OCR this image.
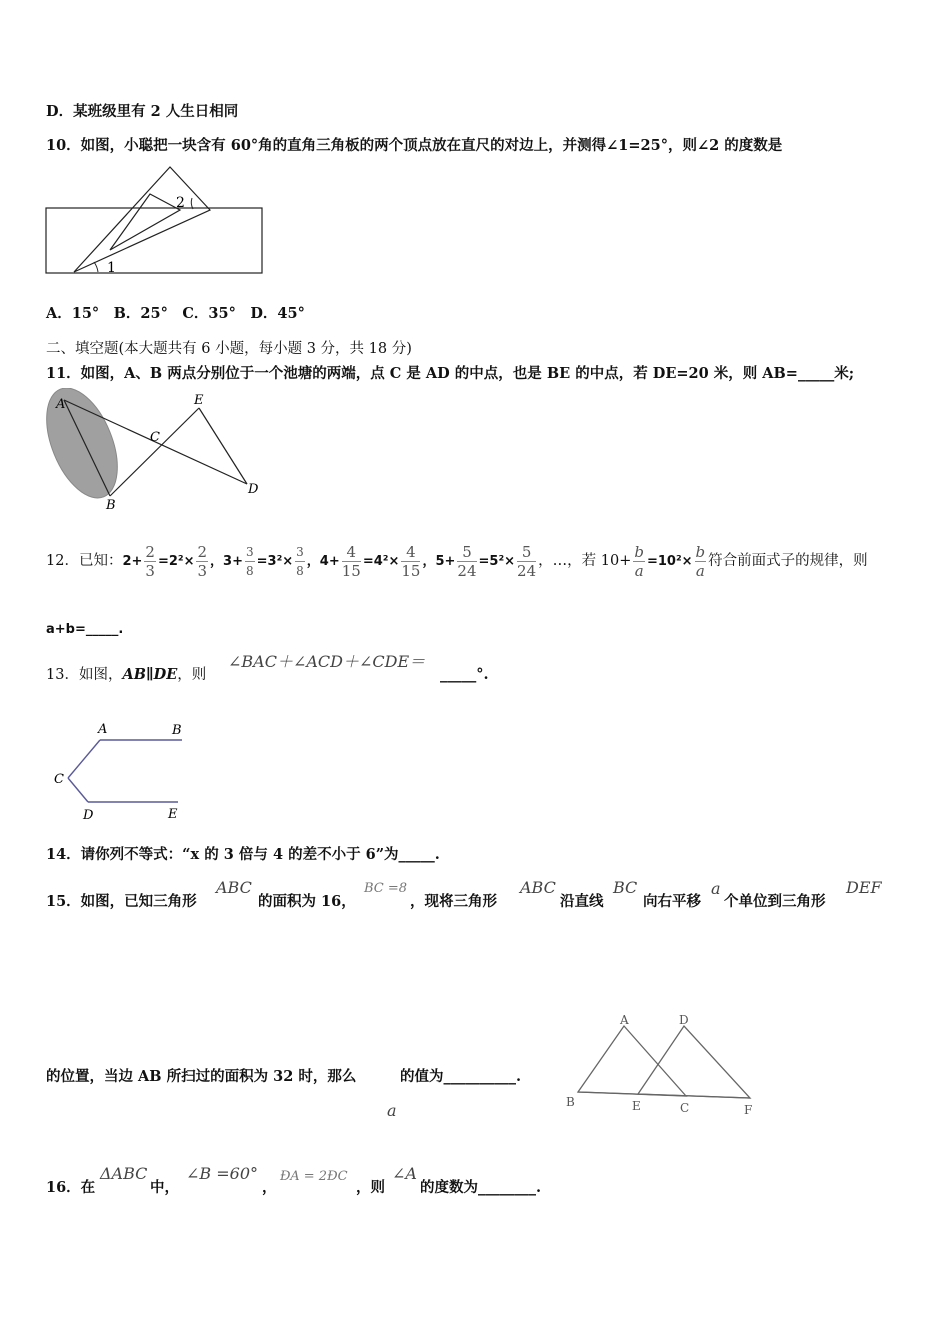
D．某班级里有 2 人生日相同
10．如图，小聪把一块含有 60°角的直角三角板的两个顶点放在直尺的对边上，并测得∠1=25°，则∠2 的度数是
1
2
A．15°　B．25°　C．35°　D．45°
二、填空题(本大题共有 6 小题，每小题 3 分，共 18 分)
11．如图，A、B 两点分别位于一个池塘的两端，点 C 是 AD 的中点，也是 BE 的中点，若 DE=20 米，则 AB=_____米;
A
B
C
D
E
12．已知：$2+ \frac{2}{3} =2^2\times \frac{2}{3}$ ，$3+ \frac{3}{8} =3^2\times \frac{3}{8}$ ，$4+ \frac{4}{15} =4^2\times \frac{4}{15}$ ，$5+ \frac{5}{24} =5^2\times \frac{5}{24}$ ，…，若 $10+ \frac{b}{a} =10^2\times \frac{b}{a}$ 符合前面式子的规律，则
a+b=_____.
13．如图，AB∥DE，则
∠BAC＋∠ACD＋∠CDE＝
_____°.
A	B
C
D	E
14．请你列不等式：“x 的 3 倍与 4 的差不小于 6”为_____.
15．如图，已知三角形
ABC
的面积为 16，
BC =8
，现将三角形
ABC
沿直线
BC
向右平移
a
个单位到三角形
DEF
的位置，当边 AB 所扫过的面积为 32 时，那么	的值为__________.
a
A
B	C
D
E	F
16．在
ΔABC
中，
∠B =60°
，
ÐA = 2ÐC
，则
∠A
的度数为________.
